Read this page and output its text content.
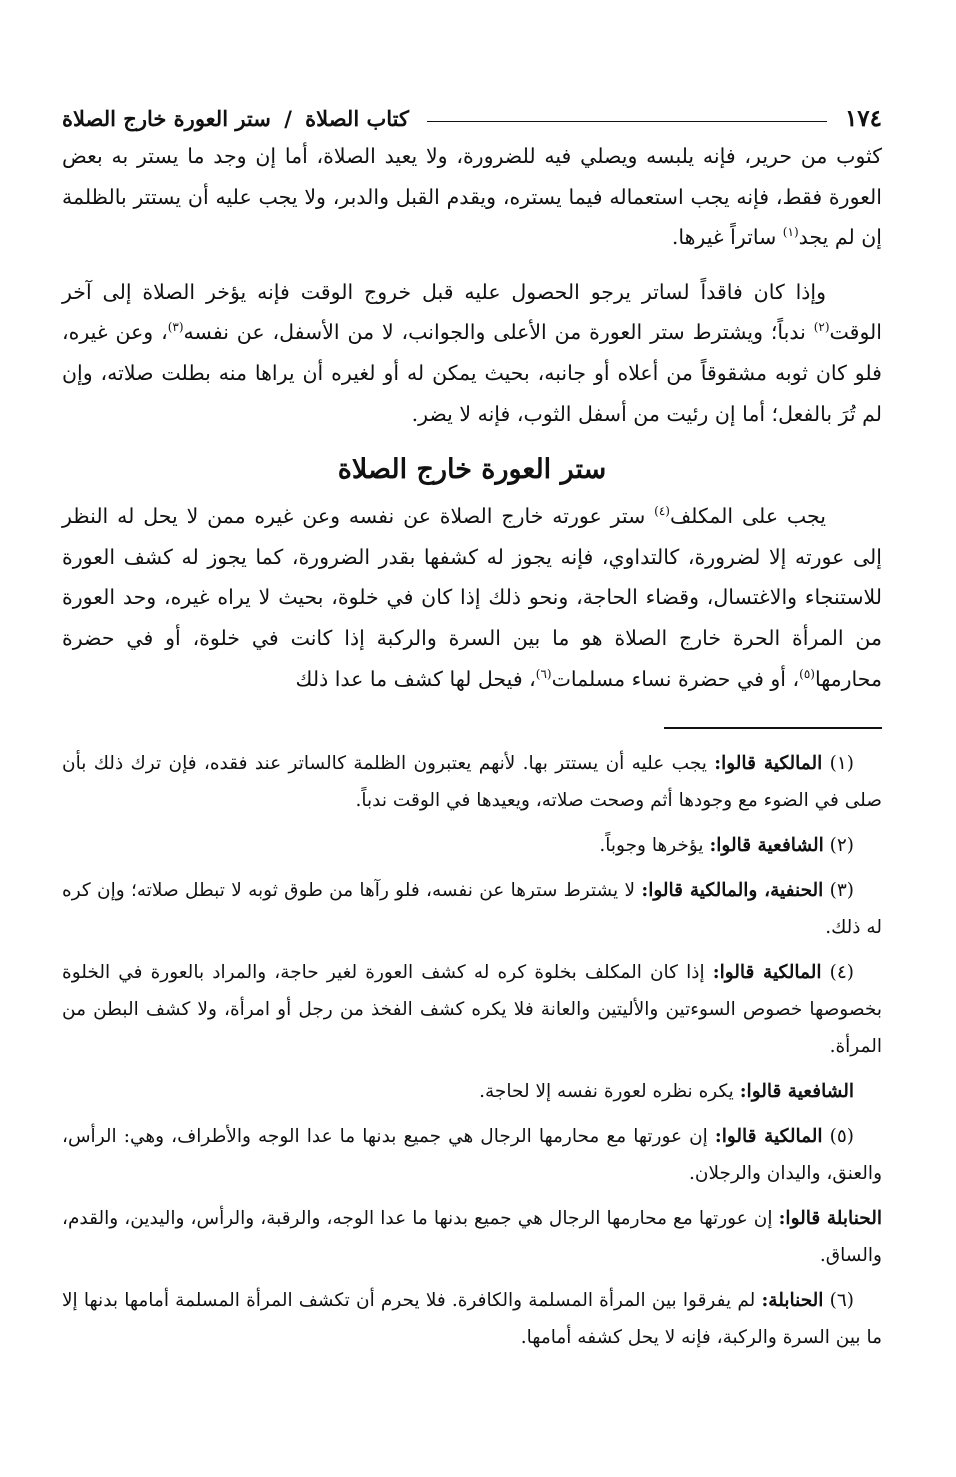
١٧٤
كتاب الصلاة / ستر العورة خارج الصلاة

كثوب من حرير، فإنه يلبسه ويصلي فيه للضرورة، ولا يعيد الصلاة، أما إن وجد ما يستر به بعض العورة فقط، فإنه يجب استعماله فيما يستره، ويقدم القبل والدبر، ولا يجب عليه أن يستتر بالظلمة إن لم يجد$^{(١)}$ ساتراً غيرها.

وإذا كان فاقداً لساتر يرجو الحصول عليه قبل خروج الوقت فإنه يؤخر الصلاة إلى آخر الوقت$^{(٢)}$ ندباً؛ ويشترط ستر العورة من الأعلى والجوانب، لا من الأسفل، عن نفسه$^{(٣)}$، وعن غيره، فلو كان ثوبه مشقوقاً من أعلاه أو جانبه، بحيث يمكن له أو لغيره أن يراها منه بطلت صلاته، وإن لم تُرَ بالفعل؛ أما إن رئيت من أسفل الثوب، فإنه لا يضر.

ستر العورة خارج الصلاة

يجب على المكلف$^{(٤)}$ ستر عورته خارج الصلاة عن نفسه وعن غيره ممن لا يحل له النظر إلى عورته إلا لضرورة، كالتداوي، فإنه يجوز له كشفها بقدر الضرورة، كما يجوز له كشف العورة للاستنجاء والاغتسال، وقضاء الحاجة، ونحو ذلك إذا كان في خلوة، بحيث لا يراه غيره، وحد العورة من المرأة الحرة خارج الصلاة هو ما بين السرة والركبة إذا كانت في خلوة، أو في حضرة محارمها$^{(٥)}$، أو في حضرة نساء مسلمات$^{(٦)}$، فيحل لها كشف ما عدا ذلك

(١) المالكية قالوا: يجب عليه أن يستتر بها. لأنهم يعتبرون الظلمة كالساتر عند فقده، فإن ترك ذلك بأن صلى في الضوء مع وجودها أثم وصحت صلاته، ويعيدها في الوقت ندباً.

(٢) الشافعية قالوا: يؤخرها وجوباً.

(٣) الحنفية، والمالكية قالوا: لا يشترط سترها عن نفسه، فلو رآها من طوق ثوبه لا تبطل صلاته؛ وإن كره له ذلك.

(٤) المالكية قالوا: إذا كان المكلف بخلوة كره له كشف العورة لغير حاجة، والمراد بالعورة في الخلوة بخصوصها خصوص السوءتين والأليتين والعانة فلا يكره كشف الفخذ من رجل أو امرأة، ولا كشف البطن من المرأة.

الشافعية قالوا: يكره نظره لعورة نفسه إلا لحاجة.

(٥) المالكية قالوا: إن عورتها مع محارمها الرجال هي جميع بدنها ما عدا الوجه والأطراف، وهي: الرأس، والعنق، واليدان والرجلان.

الحنابلة قالوا: إن عورتها مع محارمها الرجال هي جميع بدنها ما عدا الوجه، والرقبة، والرأس، واليدين، والقدم، والساق.

(٦) الحنابلة: لم يفرقوا بين المرأة المسلمة والكافرة. فلا يحرم أن تكشف المرأة المسلمة أمامها بدنها إلا ما بين السرة والركبة، فإنه لا يحل كشفه أمامها.
